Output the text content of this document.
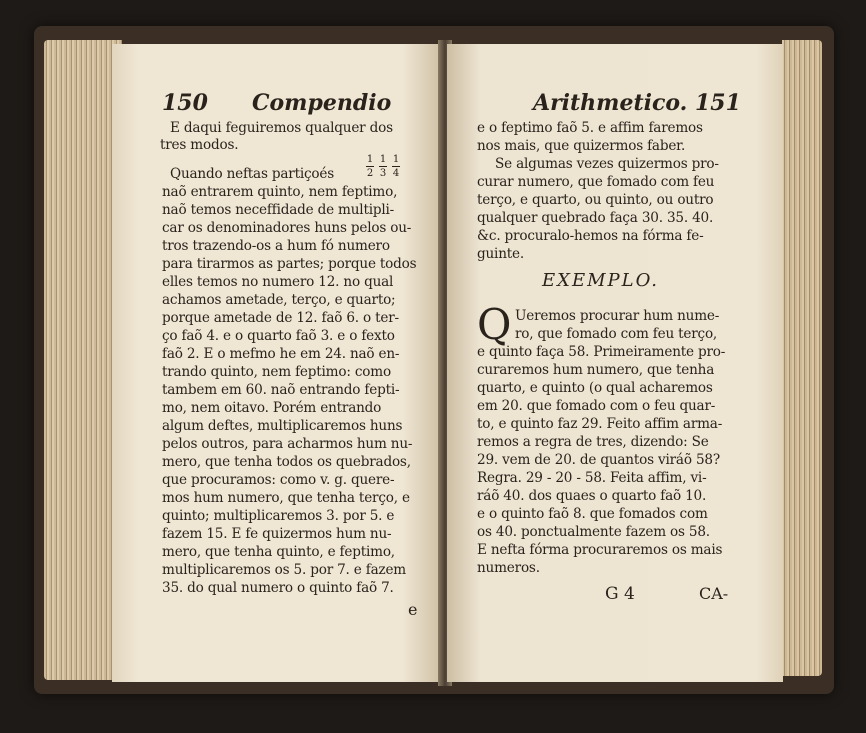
150 Compendio
$\frac{1}{2} \frac{1}{3} \frac{1}{4}$
E daqui feguiremos qualquer dos
tres modos.
Quando neftas partiçoés
naõ entrarem quinto, nem feptimo,
naõ temos neceffidade de multipli-
car os denominadores huns pelos ou-
tros trazendo-os a hum fó numero
para tirarmos as partes; porque todos
elles temos no numero 12. no qual
achamos ametade, terço, e quarto;
porque ametade de 12. faõ 6. o ter-
ço faõ 4. e o quarto faõ 3. e o fexto
faõ 2. E o mefmo he em 24. naõ en-
trando quinto, nem feptimo: como
tambem em 60. naõ entrando fepti-
mo, nem oitavo. Porém entrando
algum deftes, multiplicaremos huns
pelos outros, para acharmos hum nu-
mero, que tenha todos os quebrados,
que procuramos: como v. g. quere-
mos hum numero, que tenha terço, e
quinto; multiplicaremos 3. por 5. e
fazem 15. E fe quizermos hum nu-
mero, que tenha quinto, e feptimo,
multiplicaremos os 5. por 7. e fazem
35. do qual numero o quinto faõ 7.
e
Arithmetico. 151
e o feptimo faõ 5. e affim faremos
nos mais, que quizermos faber.
Se algumas vezes quizermos pro-
curar numero, que fomado com feu
terço, e quarto, ou quinto, ou outro
qualquer quebrado faça 30. 35. 40.
&c. procuralo-hemos na fórma fe-
guinte.
EXEMPLO.
Q Ueremos procurar hum nume-
ro, que fomado com feu terço,
e quinto faça 58. Primeiramente pro-
curaremos hum numero, que tenha
quarto, e quinto (o qual acharemos
em 20. que fomado com o feu quar-
to, e quinto faz 29. Feito affim arma-
remos a regra de tres, dizendo: Se
29. vem de 20. de quantos viráõ 58?
Regra. 29 - 20 - 58. Feita affim, vi-
ráõ 40. dos quaes o quarto faõ 10.
e o quinto faõ 8. que fomados com
os 40. ponctualmente fazem os 58.
E nefta fórma procuraremos os mais
numeros.
G 4	CA-
